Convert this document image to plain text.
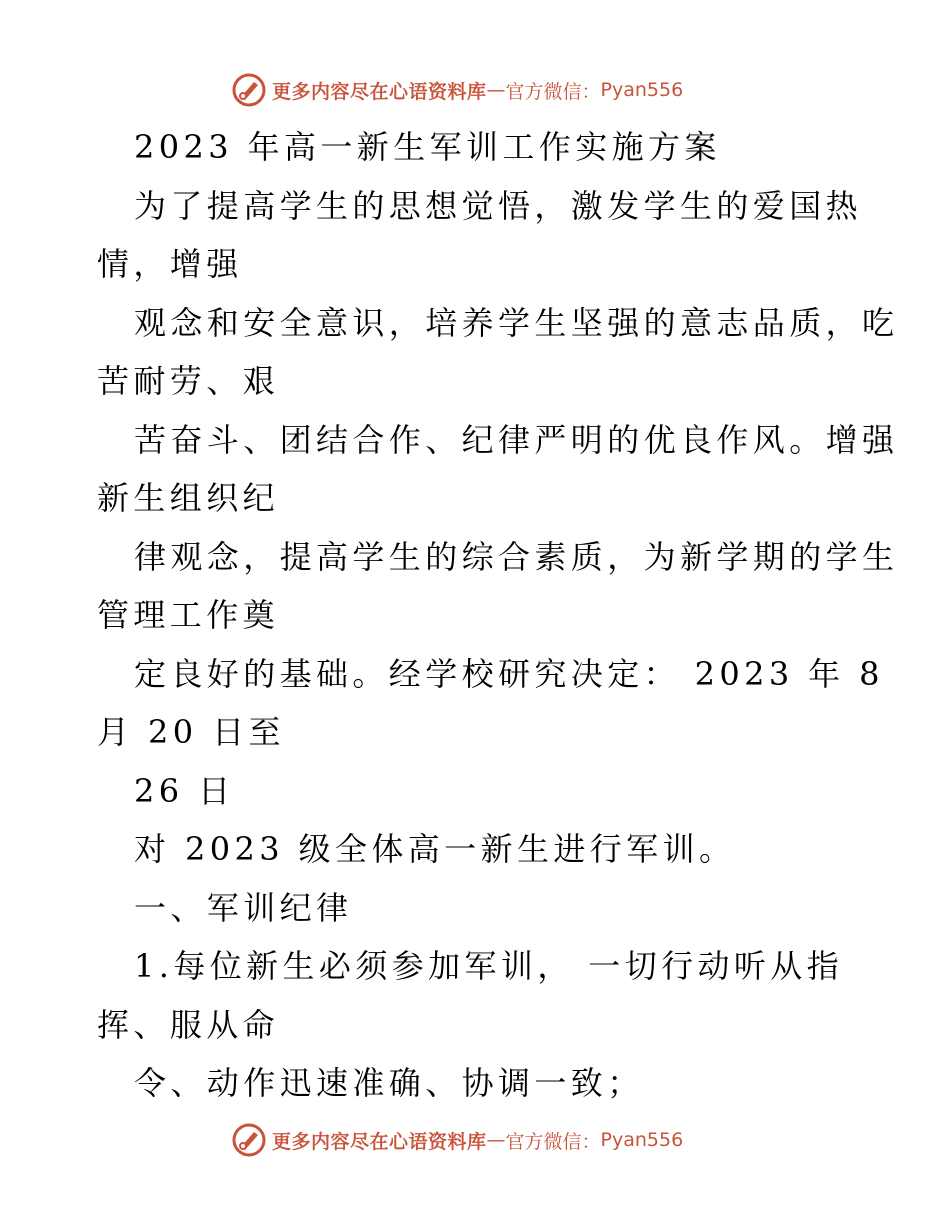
更多内容尽在心语资料库 — 官方微信： Pyan556
2023 年高一新生军训工作实施方案
为了提高学生的思想觉悟，激发学生的爱国热
情，增强
观念和安全意识，培养学生坚强的意志品质，吃
苦耐劳、艰
苦奋斗、团结合作、纪律严明的优良作风。增强
新生组织纪
律观念，提高学生的综合素质，为新学期的学生
管理工作奠
定良好的基础。经学校研究决定： 2023 年 8
月 20 日至
26 日
对 2023 级全体高一新生进行军训。
一、军训纪律
1.每位新生必须参加军训， 一切行动听从指
挥、服从命
令、动作迅速准确、协调一致；
更多内容尽在心语资料库 — 官方微信： Pyan556
